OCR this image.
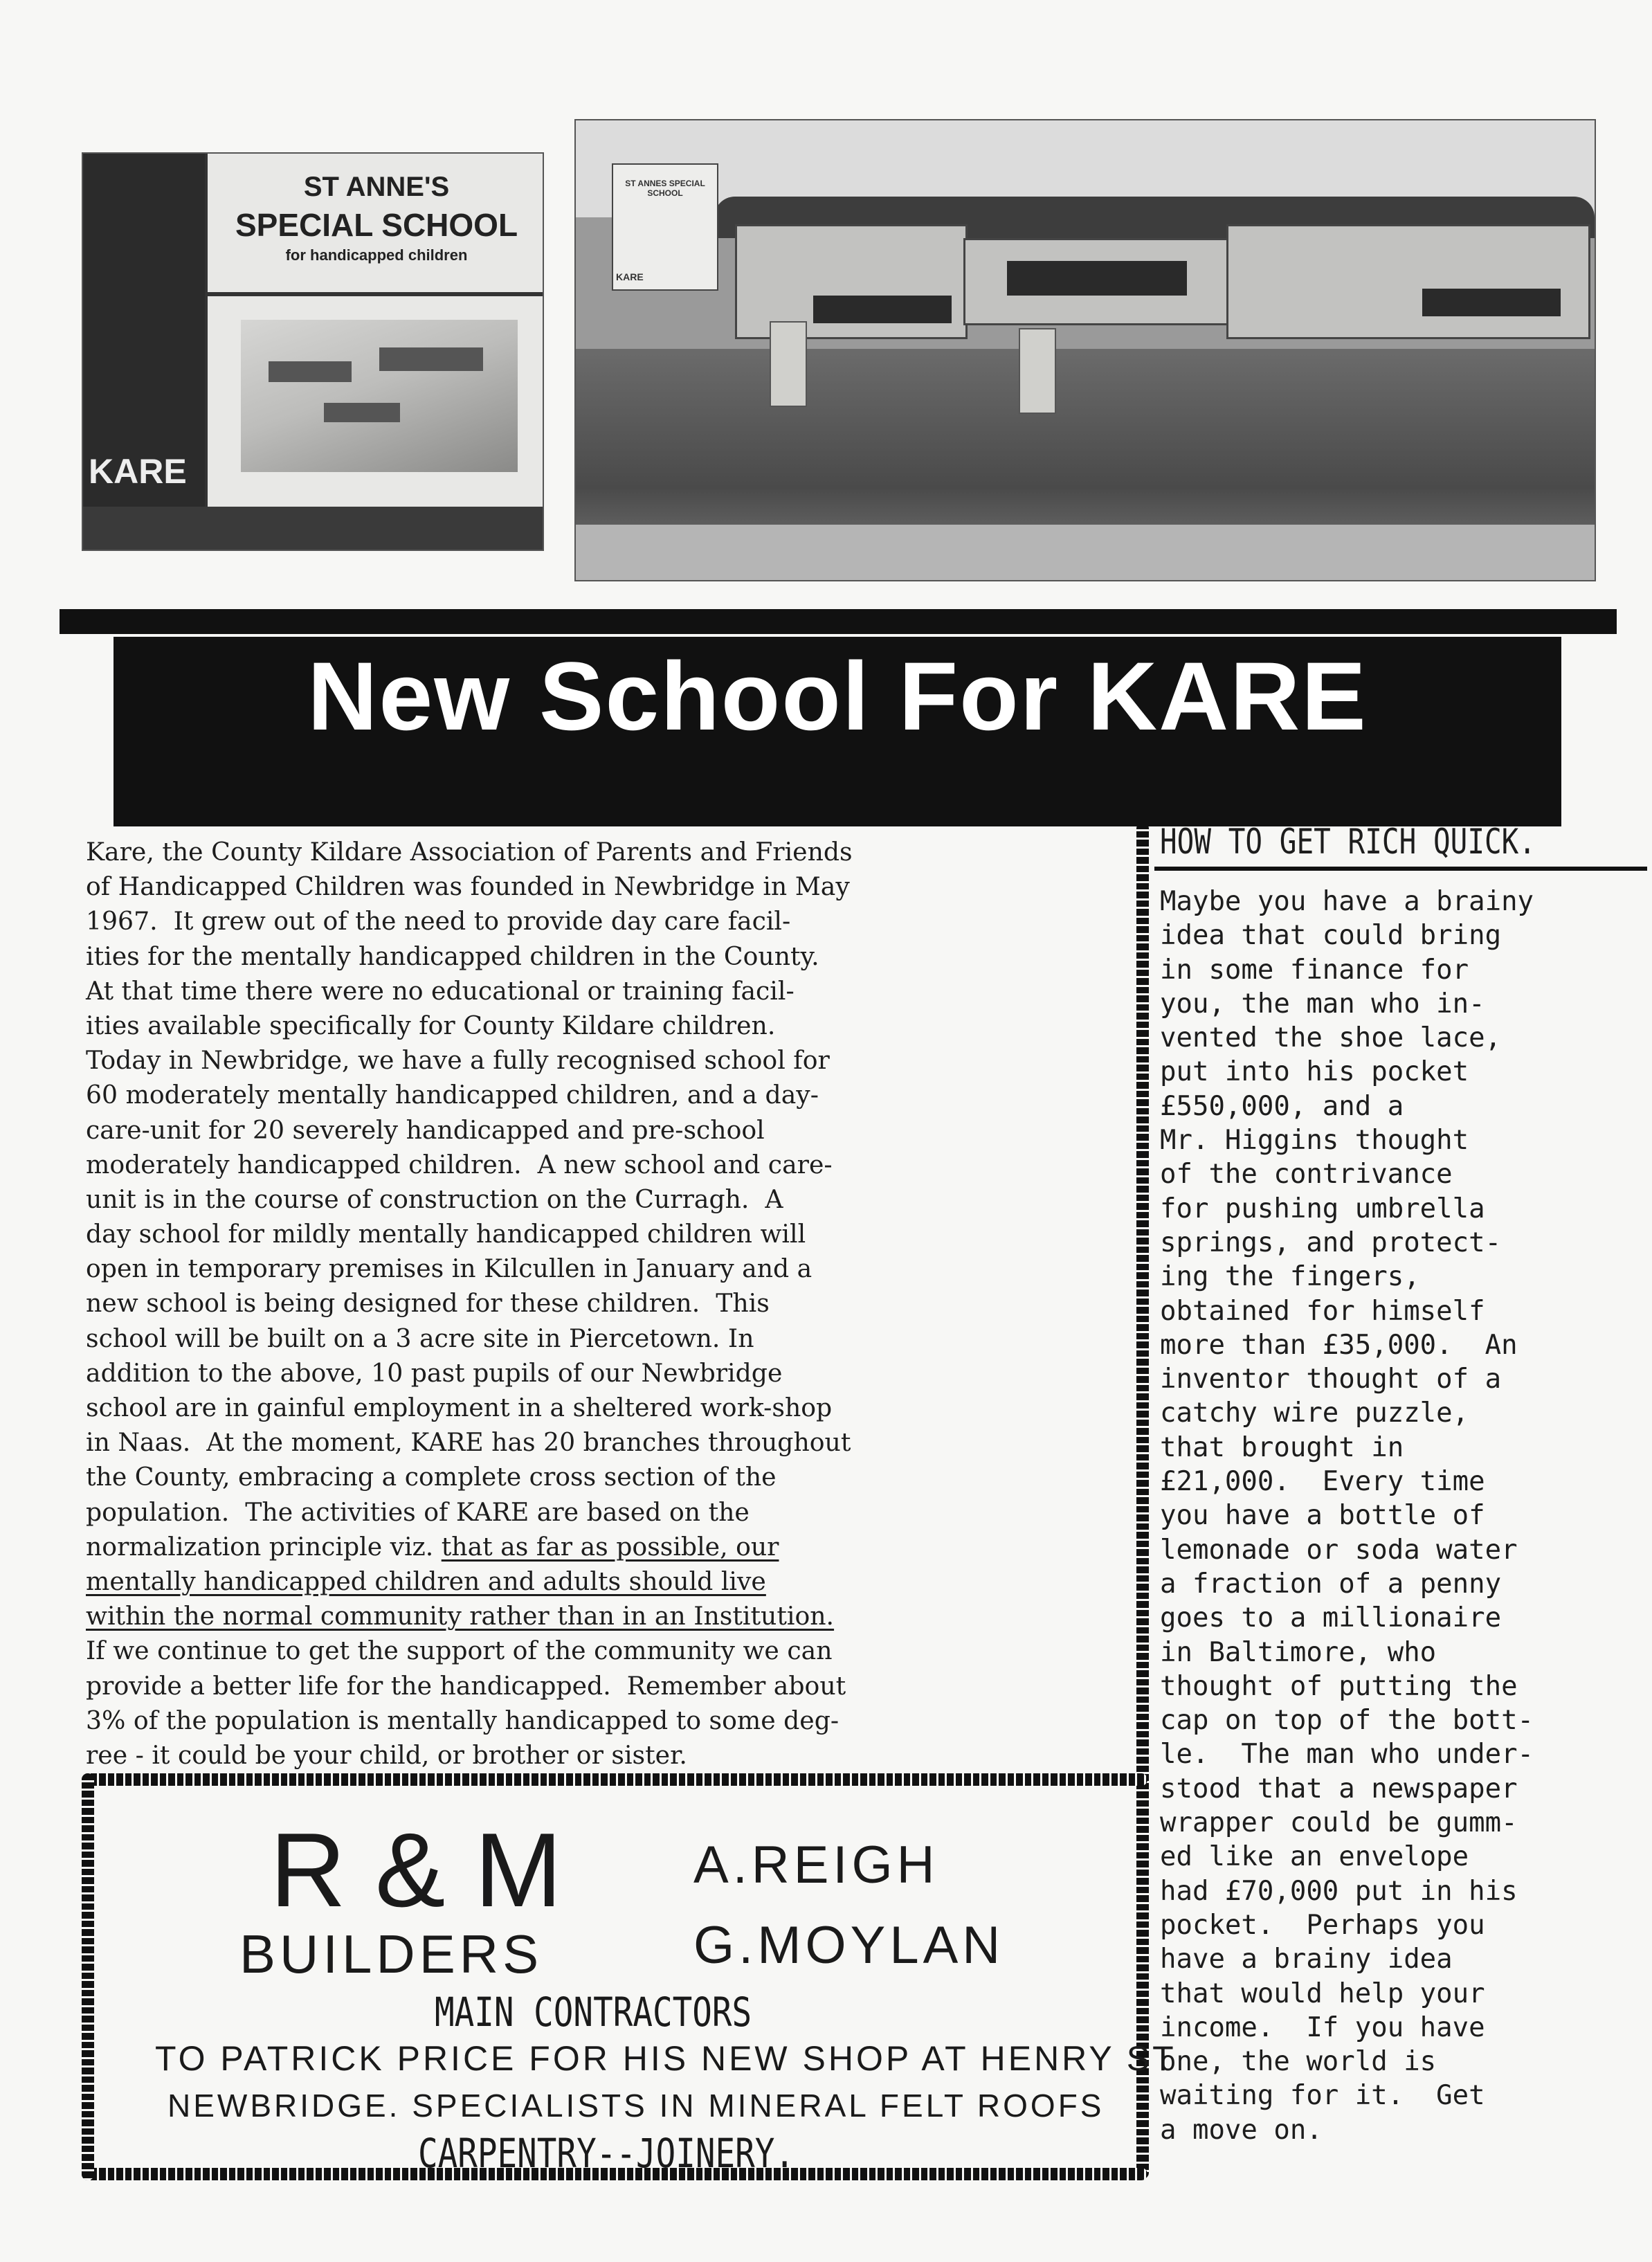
ST ANNE'S
SPECIAL SCHOOL
for handicapped children
KARE
ST ANNES SPECIAL SCHOOL
KARE
New School For KARE
Kare, the County Kildare Association of Parents and Friends
of Handicapped Children was founded in Newbridge in May
1967.  It grew out of the need to provide day care facil-
ities for the mentally handicapped children in the County.
At that time there were no educational or training facil-
ities available specifically for County Kildare children.
Today in Newbridge, we have a fully recognised school for
60 moderately mentally handicapped children, and a day-
care-unit for 20 severely handicapped and pre-school
moderately handicapped children.  A new school and care-
unit is in the course of construction on the Curragh.  A
day school for mildly mentally handicapped children will
open in temporary premises in Kilcullen in January and a
new school is being designed for these children.  This
school will be built on a 3 acre site in Piercetown. In
addition to the above, 10 past pupils of our Newbridge
school are in gainful employment in a sheltered work-shop
in Naas.  At the moment, KARE has 20 branches throughout
the County, embracing a complete cross section of the
population.  The activities of KARE are based on the
normalization principle viz. that as far as possible, our
mentally handicapped children and adults should live
within the normal community rather than in an Institution.
If we continue to get the support of the community we can
provide a better life for the handicapped.  Remember about
3% of the population is mentally handicapped to some deg-
ree - it could be your child, or brother or sister.
HOW TO GET RICH QUICK.
Maybe you have a brainy
idea that could bring
in some finance for
you, the man who in-
vented the shoe lace,
put into his pocket
£550,000, and a
Mr. Higgins thought
of the contrivance
for pushing umbrella
springs, and protect-
ing the fingers,
obtained for himself
more than £35,000.  An
inventor thought of a
catchy wire puzzle,
that brought in
£21,000.  Every time
you have a bottle of
lemonade or soda water
a fraction of a penny
goes to a millionaire
in Baltimore, who
thought of putting the
cap on top of the bott-
le.  The man who under-
stood that a newspaper
wrapper could be gumm-
ed like an envelope
had £70,000 put in his
pocket.  Perhaps you
have a brainy idea
that would help your
income.  If you have
one, the world is
waiting for it.  Get
a move on.
R & M
BUILDERS
A.REIGH
G.MOYLAN
MAIN CONTRACTORS
TO PATRICK PRICE FOR HIS NEW SHOP AT HENRY ST
NEWBRIDGE. SPECIALISTS IN MINERAL FELT ROOFS
CARPENTRY--JOINERY.
